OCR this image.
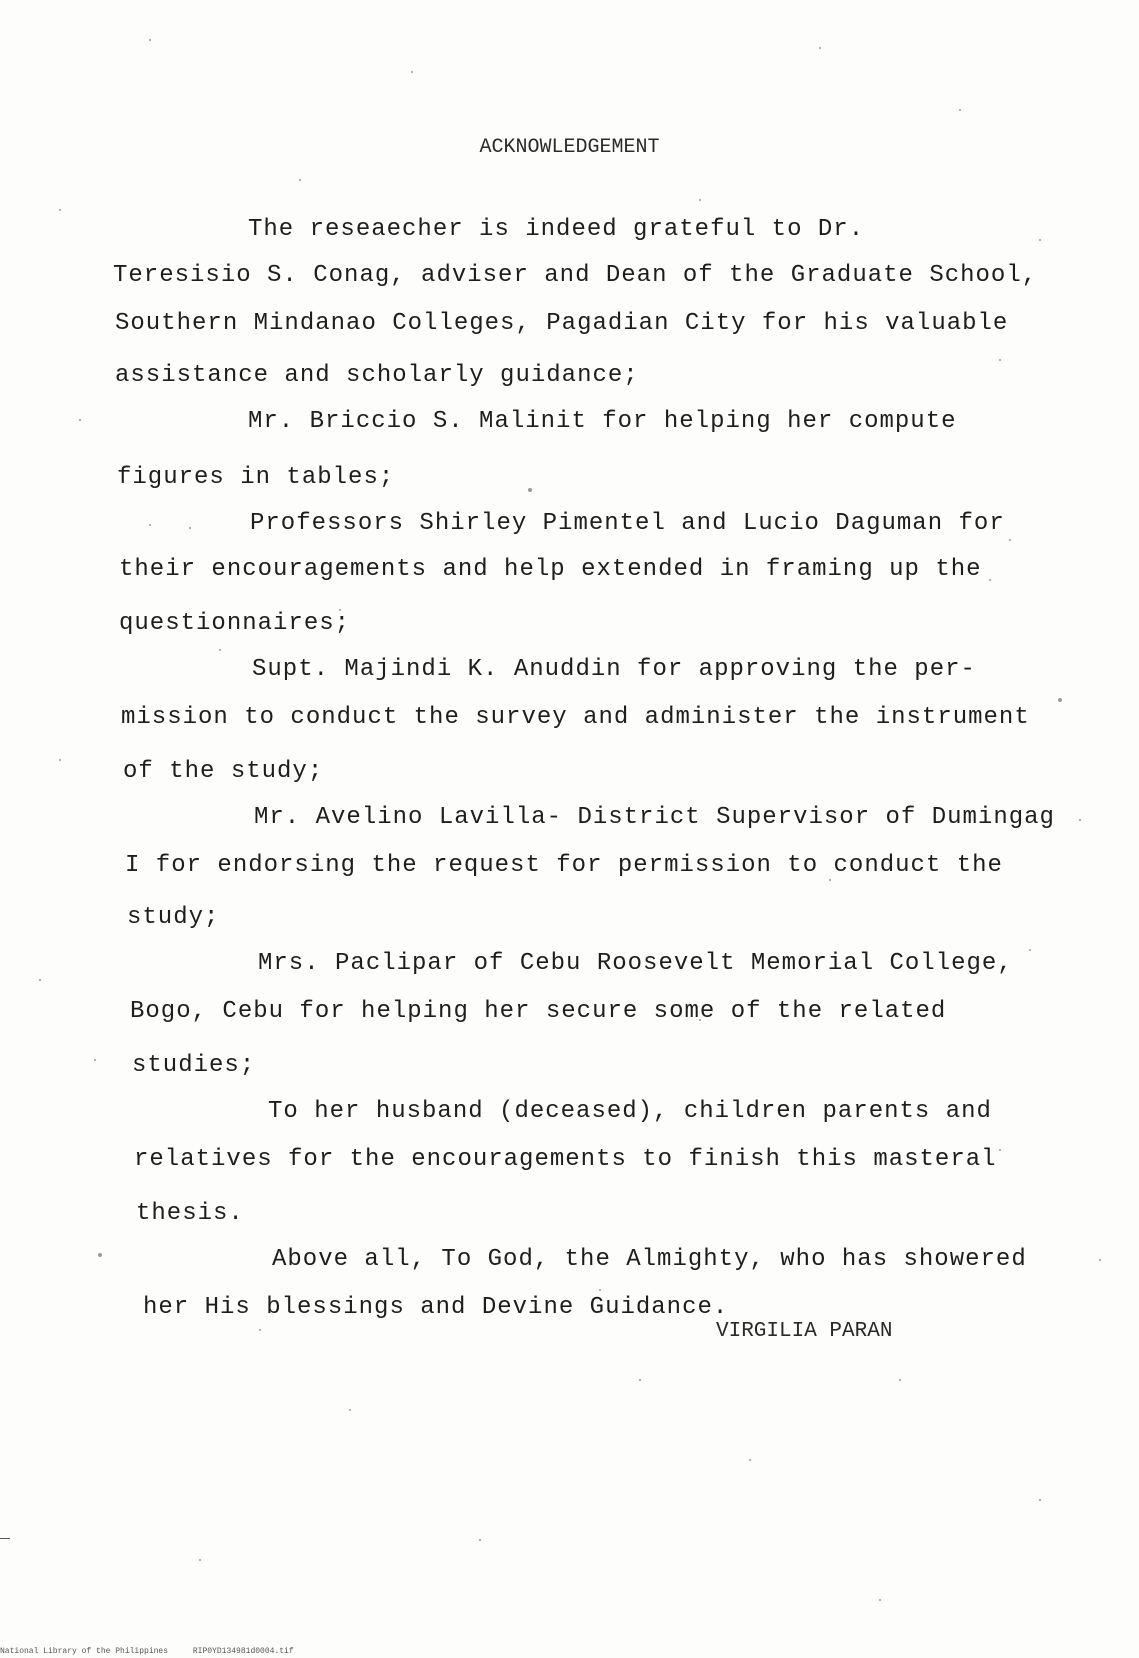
ACKNOWLEDGEMENT
The reseaecher is indeed grateful to Dr.
Teresisio S. Conag, adviser and Dean of the Graduate School,
Southern Mindanao Colleges, Pagadian City for his valuable
assistance and scholarly guidance;
Mr. Briccio S. Malinit for helping her compute
figures in tables;
Professors Shirley Pimentel and Lucio Daguman for
their encouragements and help extended in framing up the
questionnaires;
Supt. Majindi K. Anuddin for approving the per-
mission to conduct the survey and administer the instrument
of the study;
Mr. Avelino Lavilla- District Supervisor of Dumingag
I for endorsing the request for permission to conduct the
study;
Mrs. Paclipar of Cebu Roosevelt Memorial College,
Bogo, Cebu for helping her secure some of the related
studies;
To her husband (deceased), children parents and
relatives for the encouragements to finish this masteral
thesis.
Above all, To God, the Almighty, who has showered
her His blessings and Devine Guidance.
VIRGILIA PARAN
National Library of the Philippines	RIP0YD134981d0004.tif
